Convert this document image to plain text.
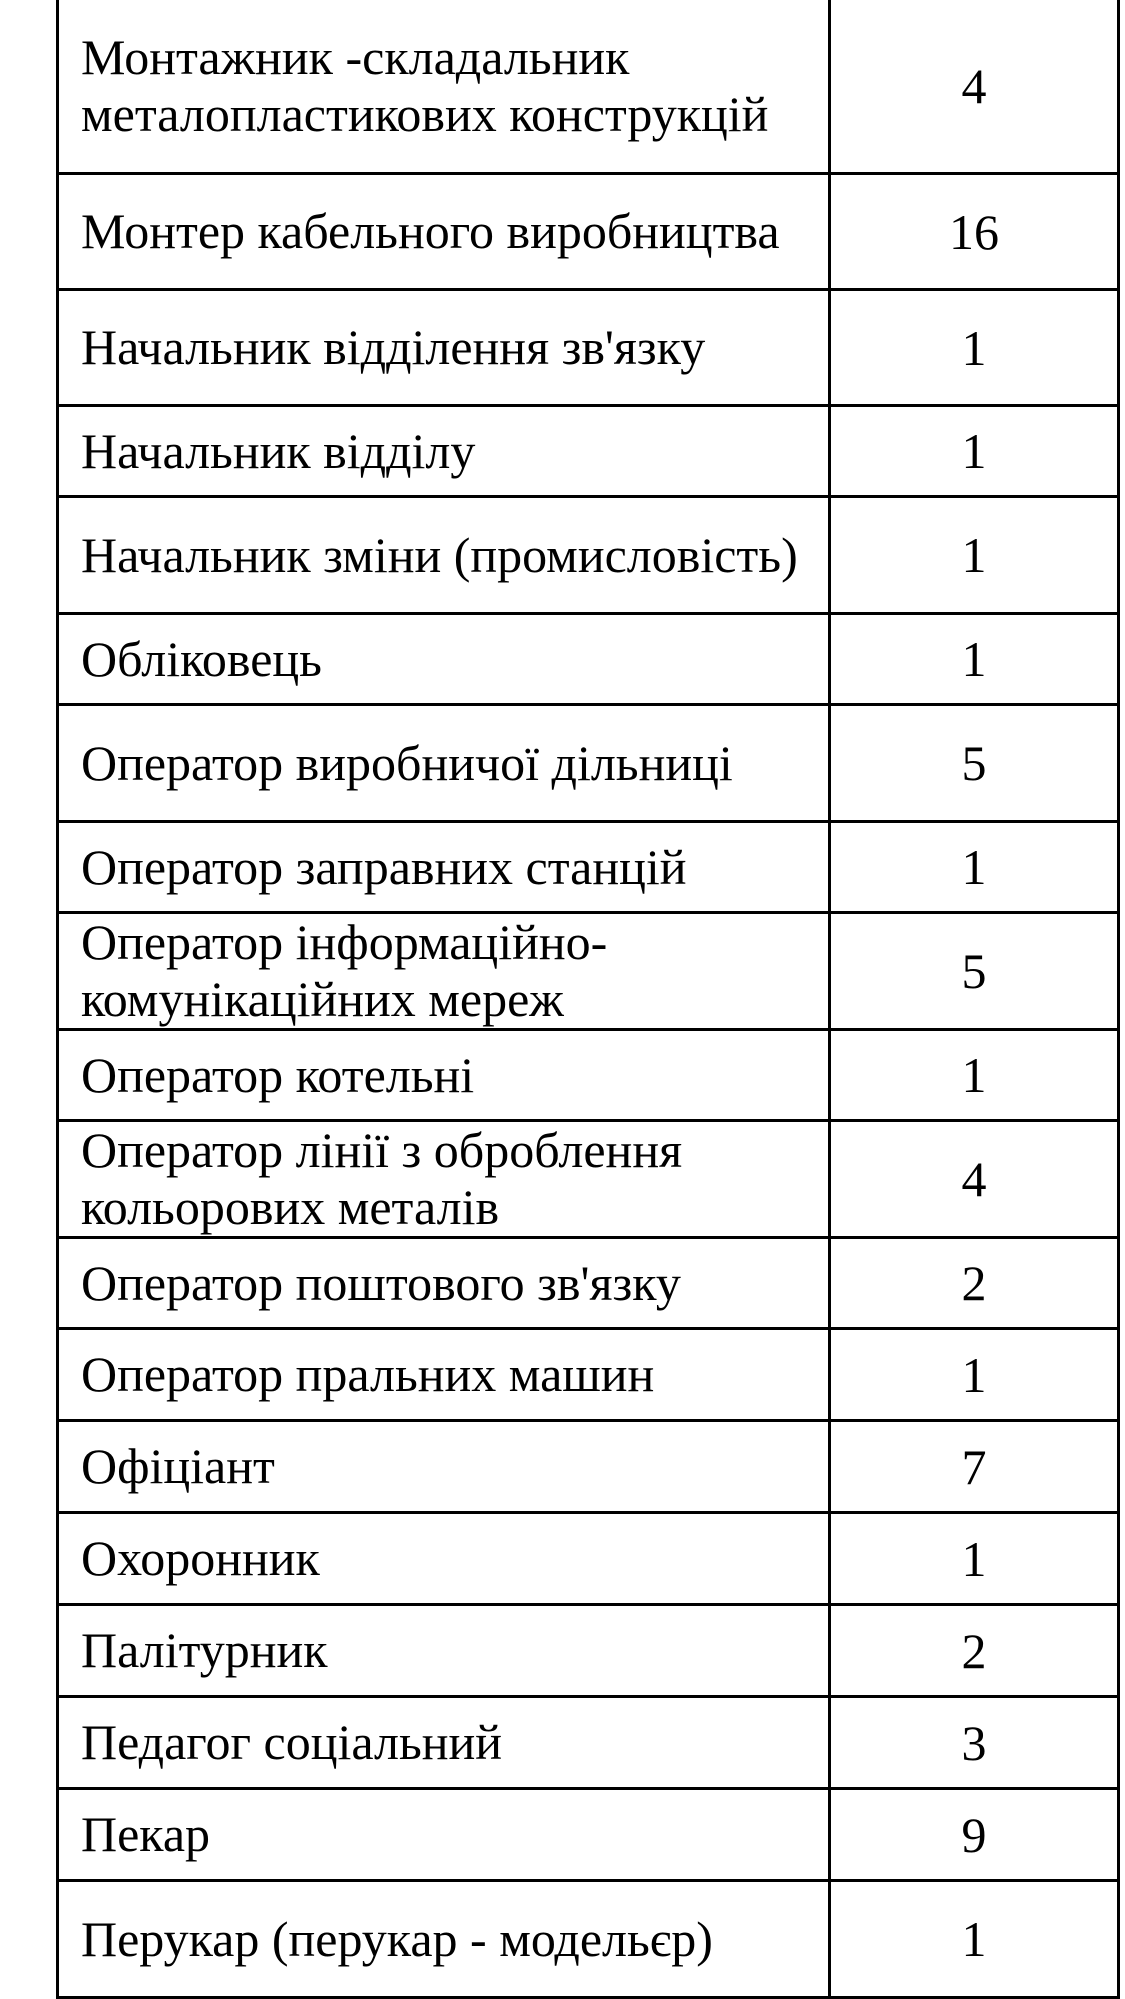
Монтажник -складальник металопластикових конструкцій	4
Монтер кабельного виробництва	16
Начальник відділення зв'язку	1
Начальник відділу	1
Начальник зміни (промисловість)	1
Обліковець	1
Оператор виробничої дільниці	5
Оператор заправних станцій	1
Оператор інформаційно-комунікаційних мереж	5
Оператор котельні	1
Оператор лінії з оброблення кольорових металів	4
Оператор поштового зв'язку	2
Оператор пральних машин	1
Офіціант	7
Охоронник	1
Палітурник	2
Педагог соціальний	3
Пекар	9
Перукар (перукар - модельєр)	1
